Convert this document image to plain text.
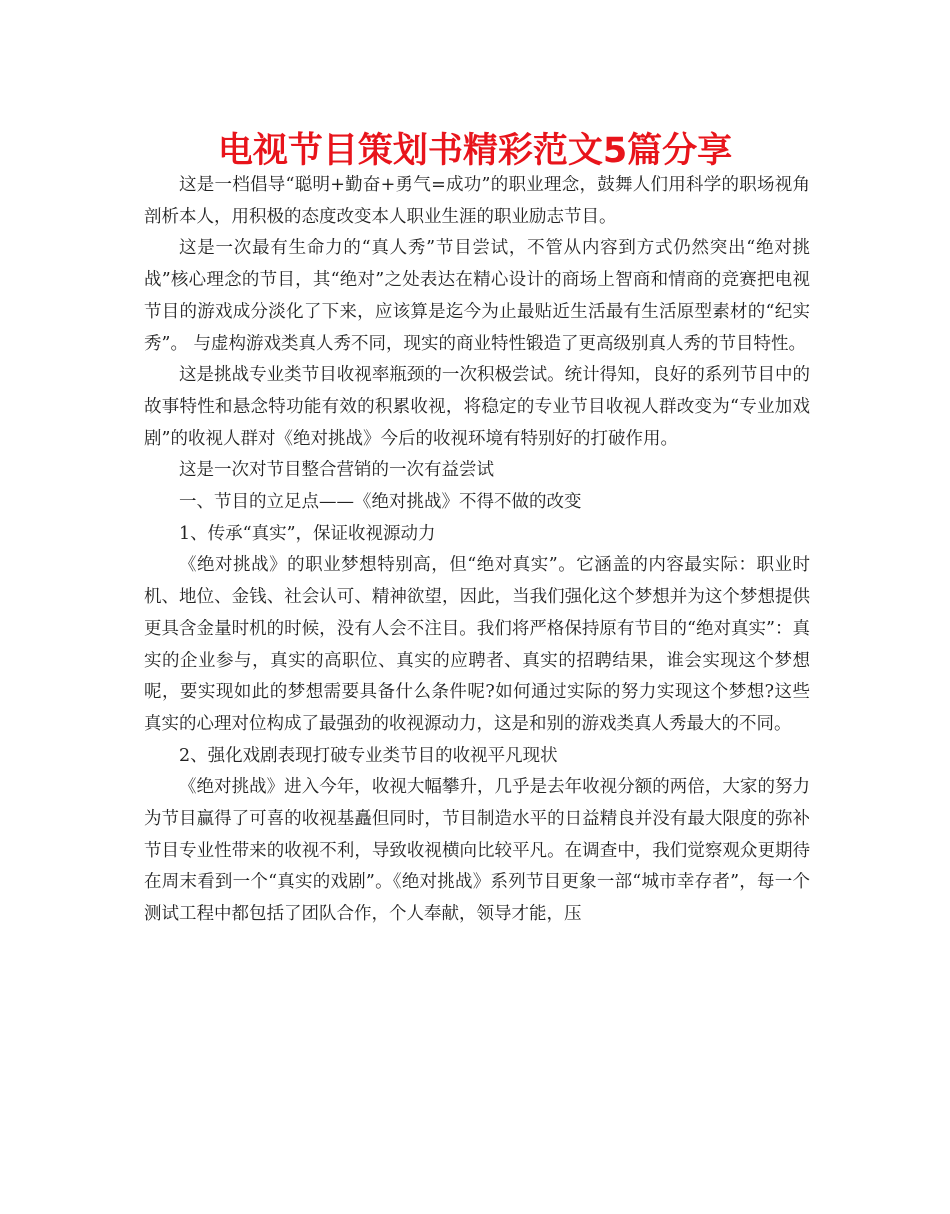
电视节目策划书精彩范文5篇分享

这是一档倡导“聪明+勤奋+勇气=成功”的职业理念，鼓舞人们用科学的职场视角剖析本人，用积极的态度改变本人职业生涯的职业励志节目。

这是一次最有生命力的“真人秀”节目尝试，不管从内容到方式仍然突出“绝对挑战”核心理念的节目，其“绝对”之处表达在精心设计的商场上智商和情商的竞赛把电视节目的游戏成分淡化了下来，应该算是迄今为止最贴近生活最有生活原型素材的“纪实秀”。 与虚构游戏类真人秀不同，现实的商业特性锻造了更高级别真人秀的节目特性。

这是挑战专业类节目收视率瓶颈的一次积极尝试。统计得知，良好的系列节目中的故事特性和悬念特功能有效的积累收视，将稳定的专业节目收视人群改变为“专业加戏剧”的收视人群对《绝对挑战》今后的收视环境有特别好的打破作用。

这是一次对节目整合营销的一次有益尝试

一、节目的立足点——《绝对挑战》不得不做的改变

1、传承“真实”，保证收视源动力

《绝对挑战》的职业梦想特别高，但“绝对真实”。它涵盖的内容最实际：职业时机、地位、金钱、社会认可、精神欲望，因此，当我们强化这个梦想并为这个梦想提供更具含金量时机的时候，没有人会不注目。我们将严格保持原有节目的“绝对真实”：真实的企业参与，真实的高职位、真实的应聘者、真实的招聘结果，谁会实现这个梦想呢，要实现如此的梦想需要具备什么条件呢?如何通过实际的努力实现这个梦想?这些真实的心理对位构成了最强劲的收视源动力，这是和别的游戏类真人秀最大的不同。

2、强化戏剧表现打破专业类节目的收视平凡现状

《绝对挑战》进入今年，收视大幅攀升，几乎是去年收视分额的两倍，大家的努力为节目赢得了可喜的收视基矗但同时，节目制造水平的日益精良并没有最大限度的弥补节目专业性带来的收视不利，导致收视横向比较平凡。在调查中，我们觉察观众更期待在周末看到一个“真实的戏剧”。《绝对挑战》系列节目更象一部“城市幸存者”，每一个测试工程中都包括了团队合作，个人奉献，领导才能，压
